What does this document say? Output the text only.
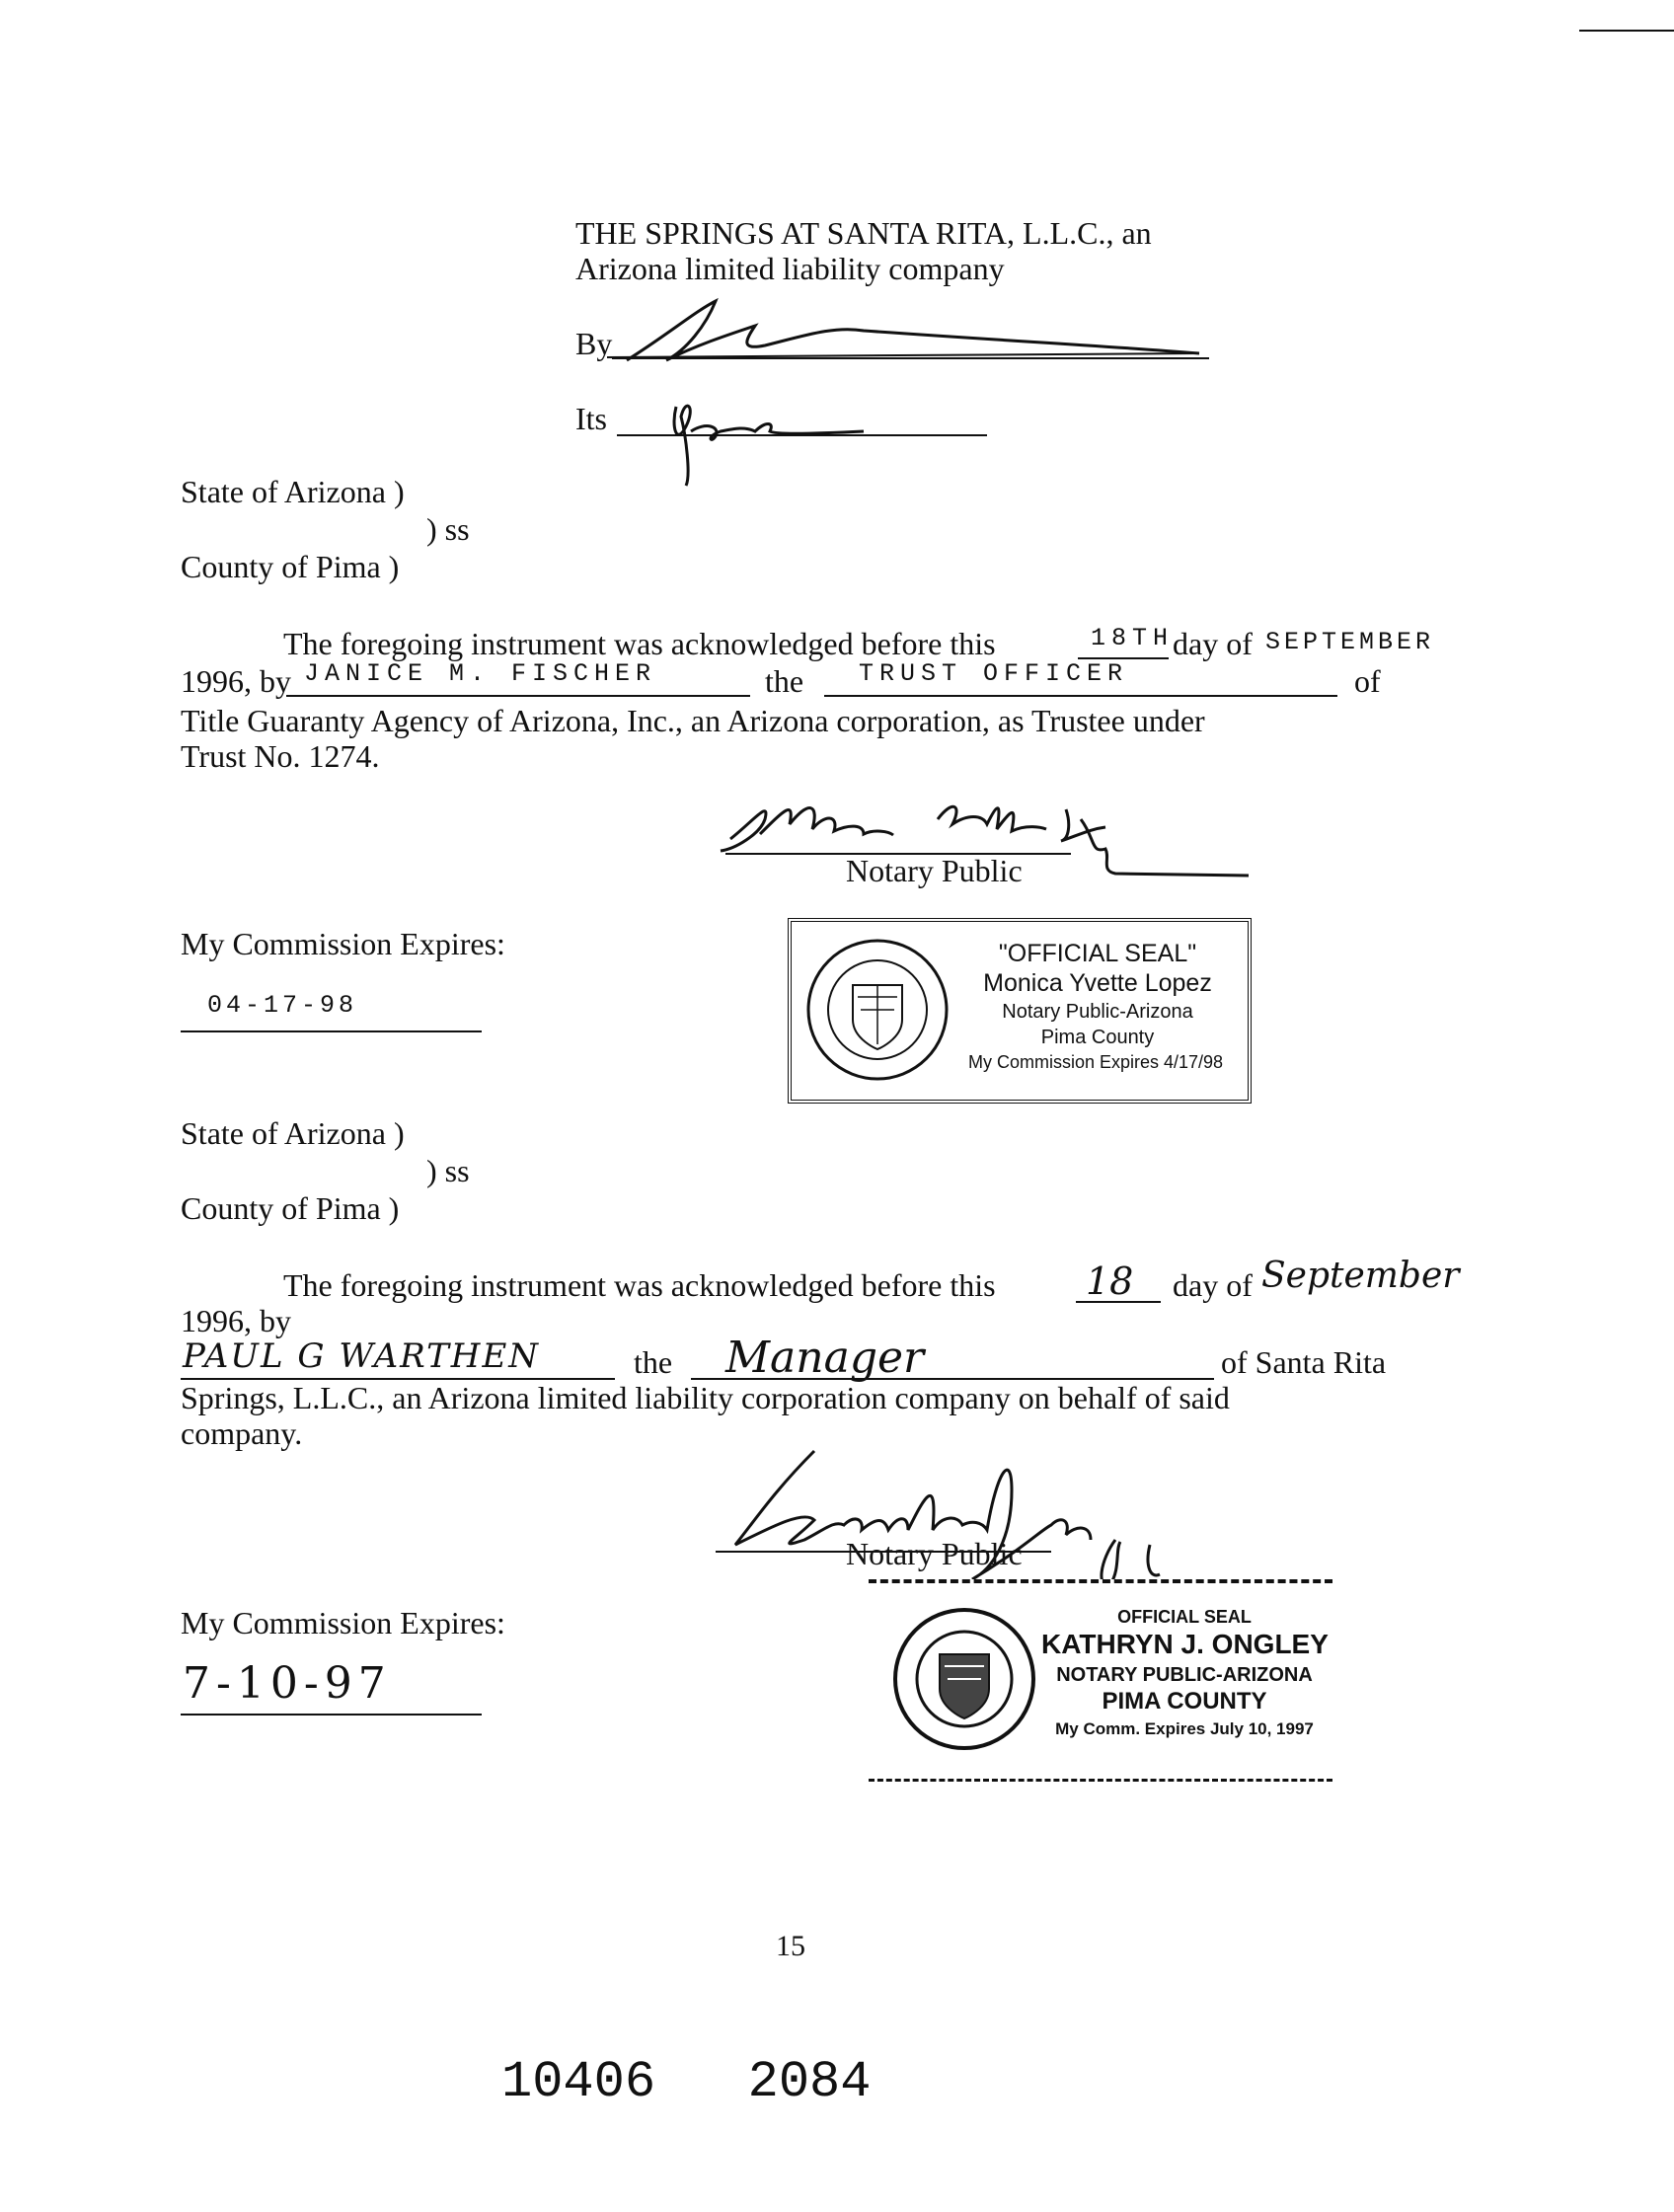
THE SPRINGS AT SANTA RITA, L.L.C., an
Arizona limited liability company
By
Its
State of Arizona )
) ss
County of Pima )
The foregoing instrument was acknowledged before this	18TH
day of SEPTEMBER
1996, by JANICE M. FISCHER	the TRUST OFFICER	of
Title Guaranty Agency of Arizona, Inc., an Arizona corporation, as Trustee under
Trust No. 1274.
Notary Public
My Commission Expires:
04-17-98
"OFFICIAL SEAL"
Monica Yvette Lopez
Notary Public-Arizona
Pima County
My Commission Expires 4/17/98
State of Arizona )
) ss
County of Pima )
The foregoing instrument was acknowledged before this 18 day of September
1996, by
PAUL G WARTHEN	the Manager	of Santa Rita
Springs, L.L.C., an Arizona limited liability corporation company on behalf of said
company.
Notary Public
My Commission Expires:
7-10-97
OFFICIAL SEAL
KATHRYN J. ONGLEY
NOTARY PUBLIC-ARIZONA
PIMA COUNTY
My Comm. Expires July 10, 1997
15
10406   2084
